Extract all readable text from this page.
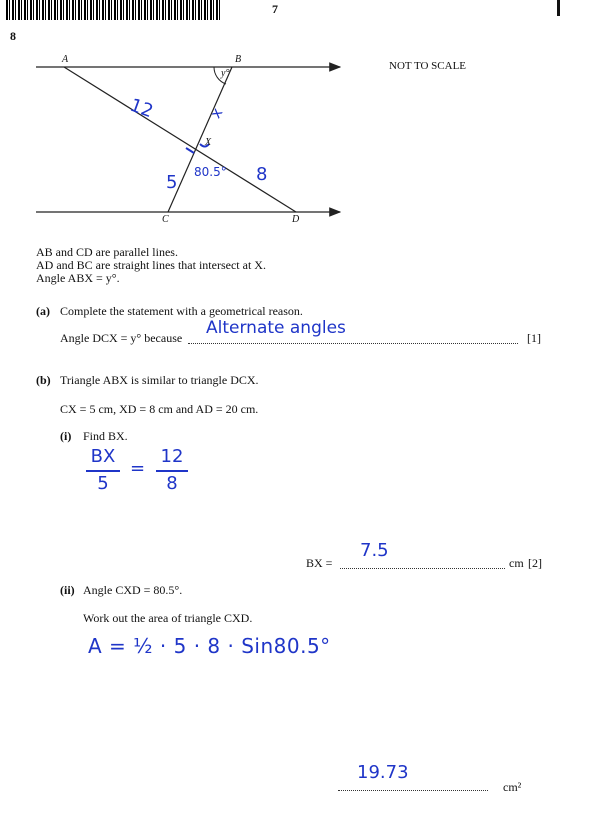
7
8
A	B
y°
X
C	D
NOT TO SCALE
12	x
5 80.5° 8
AB and CD are parallel lines.
AD and BC are straight lines that intersect at X.
Angle ABX = y°.
(a) Complete the statement with a geometrical reason.
Angle DCX = y° because Alternate angles	[1]
(b) Triangle ABX is similar to triangle DCX.
CX = 5 cm, XD = 8 cm and AD = 20 cm.
(i) Find BX.
BX
5
=
12
8
BX =
7.5
cm [2]
(ii) Angle CXD = 80.5°.
Work out the area of triangle CXD.
A = ½ · 5 · 8 · Sin80.5°
19.73
cm²
